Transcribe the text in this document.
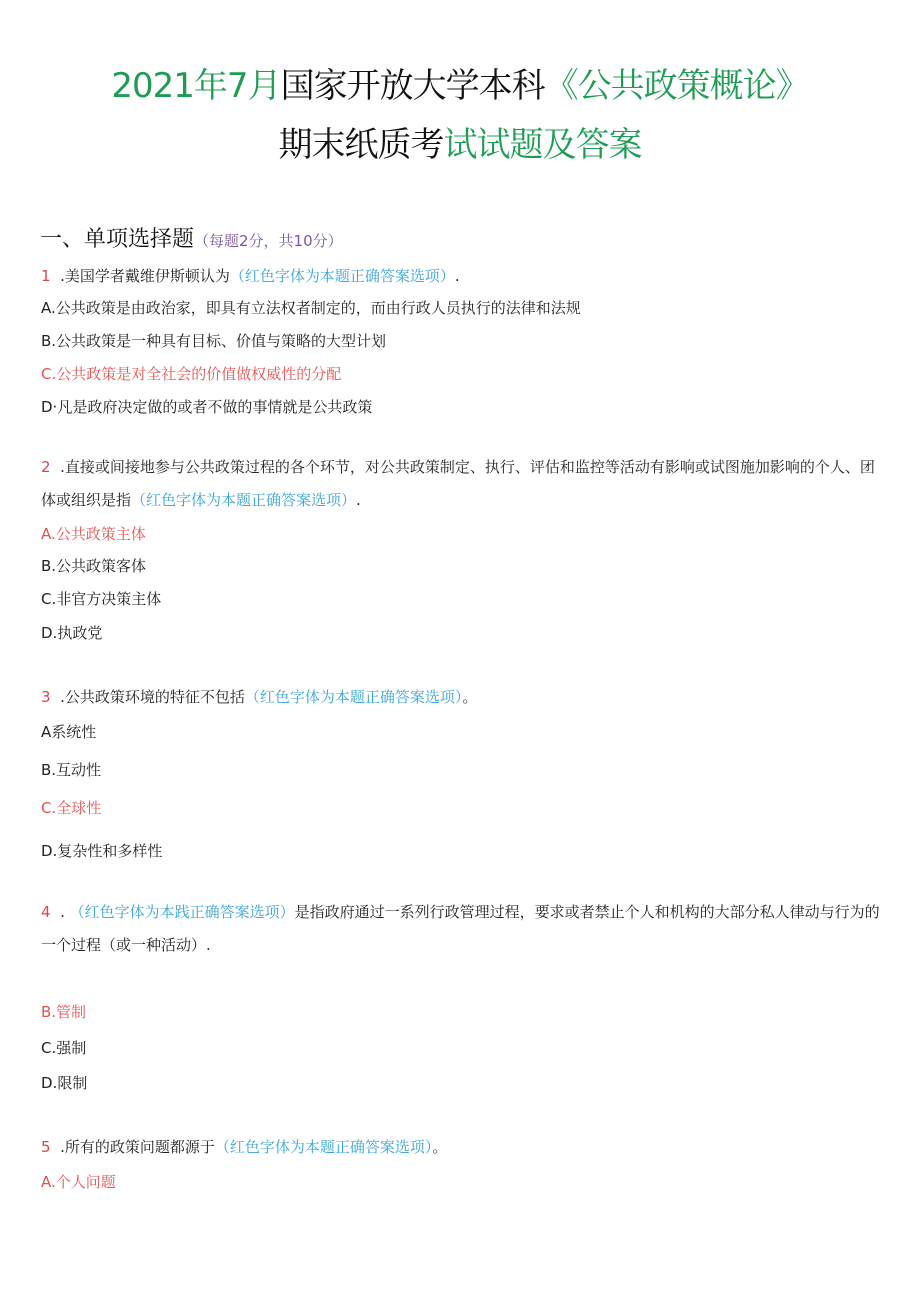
2021年7月国家开放大学本科《公共政策概论》
期末纸质考试试题及答案
一、单项选择题（每题2分，共10分）
1 .美国学者戴维伊斯顿认为（红色字体为本题正确答案选项）.
A.公共政策是由政治家，即具有立法权者制定的，而由行政人员执行的法律和法规
B.公共政策是一种具有目标、价值与策略的大型计划
C.公共政策是对全社会的价值做权威性的分配
D·凡是政府决定做的或者不做的事情就是公共政策
2 .直接或间接地参与公共政策过程的各个环节，对公共政策制定、执行、评估和监控等活动有影响或试图施加影响的个人、团体或组织是指（红色字体为本题正确答案选项）.
A.公共政策主体
B.公共政策客体
C.非官方决策主体
D.执政党
3 .公共政策环境的特征不包括（红色字体为本题正确答案选项）。
A系统性
B.互动性
C.全球性
D.复杂性和多样性
4 . （红色字体为本践正确答案选项）是指政府通过一系列行政管理过程，要求或者禁止个人和机构的大部分私人律动与行为的一个过程（或一种活动）.
B.管制
C.强制
D.限制
5 .所有的政策问题都源于（红色字体为本题正确答案选项）。
A.个人问题
